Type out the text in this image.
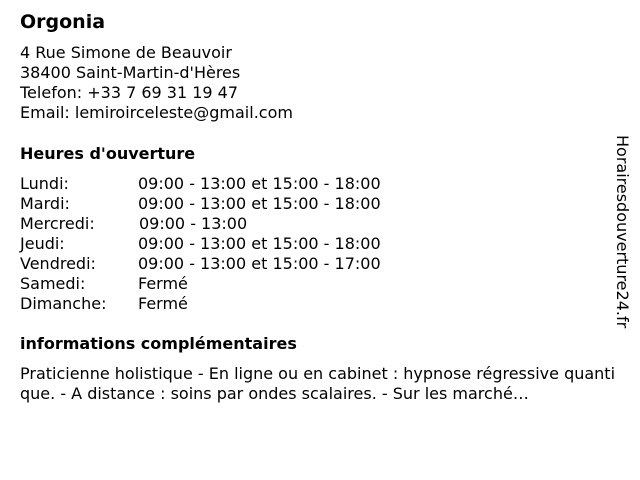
Orgonia
4 Rue Simone de Beauvoir
38400 Saint-Martin-d'Hères
Telefon: +33 7 69 31 19 47
Email: lemiroirceleste@gmail.com
Heures d'ouverture
Lundi:	09:00 - 13:00 et 15:00 - 18:00
Mardi:	09:00 - 13:00 et 15:00 - 18:00
Mercredi:	09:00 - 13:00
Jeudi:	09:00 - 13:00 et 15:00 - 18:00
Vendredi:	09:00 - 13:00 et 15:00 - 17:00
Samedi:	Fermé
Dimanche: Fermé
informations complémentaires
Praticienne holistique - En ligne ou en cabinet : hypnose régressive quantique. - A distance : soins par ondes scalaires. - Sur les marché…
Horairesdouverture24.fr
